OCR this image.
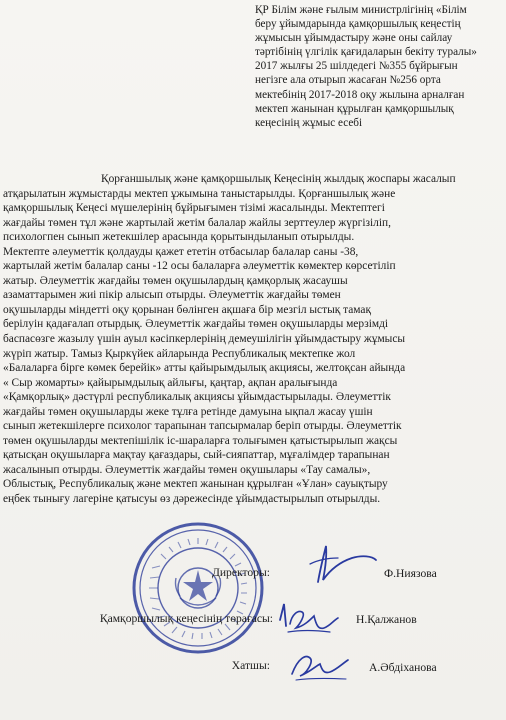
ҚР Білім және ғылым министрлігінің «Білім
беру ұйымдарында қамқоршылық кеңестің
жұмысын ұйымдастыру және оны сайлау
тәртібінің үлгілік қағидаларын бекіту туралы»
2017 жылғы 25 шілдедегі №355 бұйрығын
негізге ала отырып жасаған №256 орта
мектебінің 2017-2018 оқу жылына арналған
мектеп жанынан құрылған қамқоршылық
кеңесінің жұмыс есебі
Қорғаншылық және қамқоршылық Кеңесінің жылдық жоспары жасалып
атқарылатын жұмыстарды мектеп ұжымына таныстарылды. Қорғаншылық және
қамқоршылық Кеңесі мүшелерінің бұйрығымен тізімі жасалынды. Мектептегі
жағдайы төмен тұл және жартылай жетім балалар жайлы зерттеулер жүргізіліп,
психологпен сынып жетекшілер арасында қорытындыланып отырылды.
Мектепте әлеуметтік қолдауды қажет ететін отбасылар балалар саны -38,
жартылай жетім балалар саны -12 осы балаларға әлеуметтік көмектер көрсетіліп
жатыр. Әлеуметтік жағдайы төмен оқушылардың қамқорлық жасаушы
азаматтарымен жиі пікір алысып отырды. Әлеуметтік жағдайы төмен
оқушыларды міндетті оқу қорынан бөлінген ақшаға бір мезгіл ыстық тамақ
берілуін қадағалап отырдық. Әлеуметтік жағдайы төмен оқушыларды мерзімді
баспасөзге жазылу үшін ауыл кәсіпкерлерінің демеушілігін ұйымдастыру жұмысы
жүріп жатыр. Тамыз Қыркүйек айларында Республикалық мектепке жол
«Балаларға бірге көмек берейік» атты қайырымдылық акциясы, желтоқсан айында
« Сыр жомарты» қайырымдылық айлығы, қаңтар, ақпан аралығында
«Қамқорлық» дәстүрлі республикалық акциясы ұйымдастырылады. Әлеуметтік
жағдайы төмен оқушыларды жеке тұлға ретінде дамуына ықпал жасау үшін
сынып жетекшілерге психолог тарапынан тапсырмалар беріп отырды. Әлеуметтік
төмен оқушыларды мектепішілік іс-шараларға толығымен қатыстырылып жақсы
қатысқан оқушыларға мақтау қағаздары, сый-сияпаттар, мұғалімдер тарапынан
жасалынып отырды. Әлеуметтік жағдайы төмен оқушылары «Тау самалы»,
Облыстық, Республикалық және мектеп жанынан құрылған «Ұлан» сауықтыру
еңбек тынығу лагеріне қатысуы өз дәрежесінде ұйымдастырылып отырылды.
Директоры:	Ф.Ниязова
Қамқоршылық кеңесінің төрағасы:	Н.Қалжанов
Хатшы:	А.Әбдіханова
